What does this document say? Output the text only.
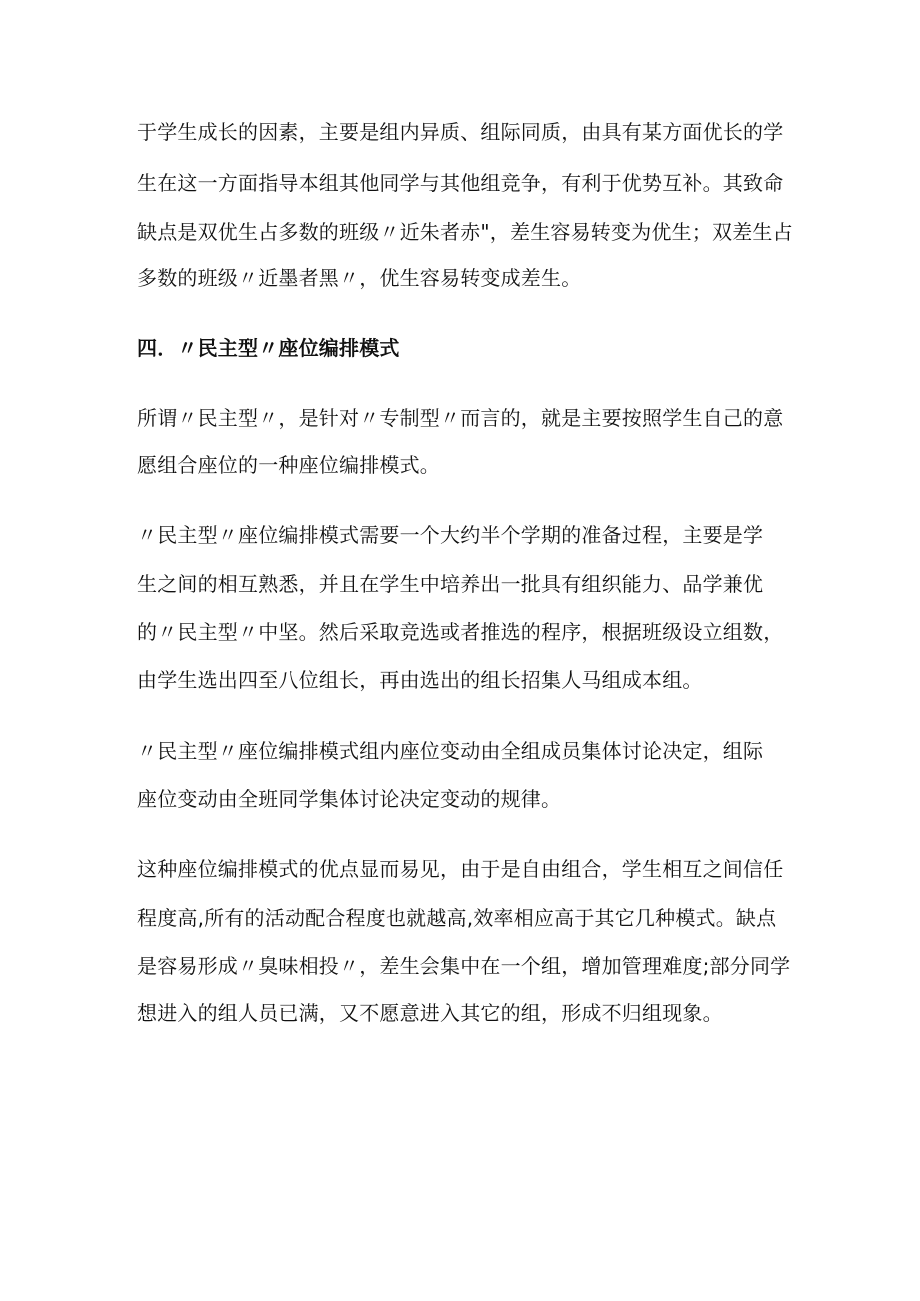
于学生成长的因素，主要是组内异质、组际同质，由具有某方面优长的学
生在这一方面指导本组其他同学与其他组竞争，有利于优势互补。其致命
缺点是双优生占多数的班级〃近朱者赤"，差生容易转变为优生；双差生占
多数的班级〃近墨者黑〃，优生容易转变成差生。
四．〃民主型〃座位编排模式
所谓〃民主型〃，是针对〃专制型〃而言的，就是主要按照学生自己的意
愿组合座位的一种座位编排模式。
〃民主型〃座位编排模式需要一个大约半个学期的准备过程，主要是学
生之间的相互熟悉，并且在学生中培养出一批具有组织能力、品学兼优
的〃民主型〃中坚。然后采取竞选或者推选的程序，根据班级设立组数，
由学生选出四至八位组长，再由选出的组长招集人马组成本组。
〃民主型〃座位编排模式组内座位变动由全组成员集体讨论决定，组际
座位变动由全班同学集体讨论决定变动的规律。
这种座位编排模式的优点显而易见，由于是自由组合，学生相互之间信任
程度高,所有的活动配合程度也就越高,效率相应高于其它几种模式。缺点
是容易形成〃臭味相投〃，差生会集中在一个组，增加管理难度;部分同学
想进入的组人员已满，又不愿意进入其它的组，形成不归组现象。
